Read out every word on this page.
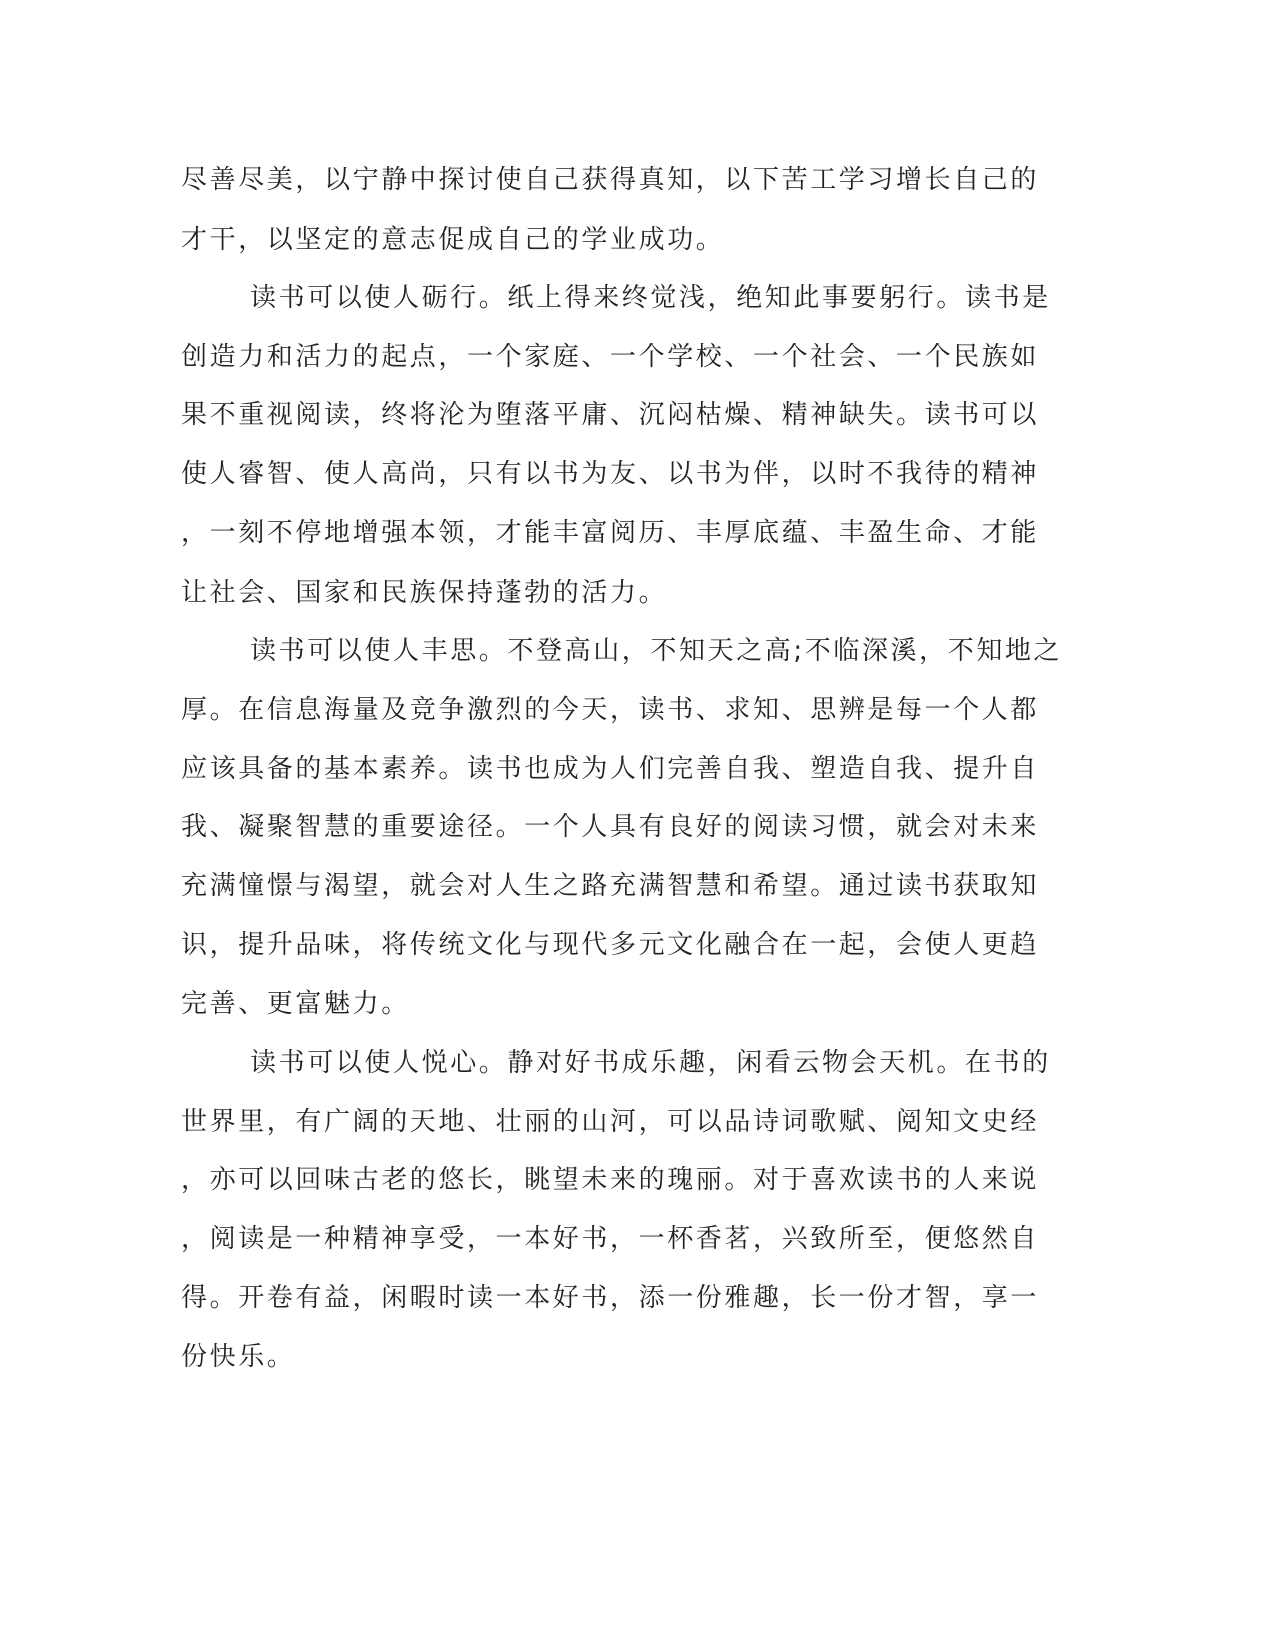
尽善尽美，以宁静中探讨使自己获得真知，以下苦工学习增长自己的
才干，以坚定的意志促成自己的学业成功。
读书可以使人砺行。纸上得来终觉浅，绝知此事要躬行。读书是
创造力和活力的起点，一个家庭、一个学校、一个社会、一个民族如
果不重视阅读，终将沦为堕落平庸、沉闷枯燥、精神缺失。读书可以
使人睿智、使人高尚，只有以书为友、以书为伴，以时不我待的精神
，一刻不停地增强本领，才能丰富阅历、丰厚底蕴、丰盈生命、才能
让社会、国家和民族保持蓬勃的活力。
读书可以使人丰思。不登高山，不知天之高;不临深溪，不知地之
厚。在信息海量及竞争激烈的今天，读书、求知、思辨是每一个人都
应该具备的基本素养。读书也成为人们完善自我、塑造自我、提升自
我、凝聚智慧的重要途径。一个人具有良好的阅读习惯，就会对未来
充满憧憬与渴望，就会对人生之路充满智慧和希望。通过读书获取知
识，提升品味，将传统文化与现代多元文化融合在一起，会使人更趋
完善、更富魅力。
读书可以使人悦心。静对好书成乐趣，闲看云物会天机。在书的
世界里，有广阔的天地、壮丽的山河，可以品诗词歌赋、阅知文史经
，亦可以回味古老的悠长，眺望未来的瑰丽。对于喜欢读书的人来说
，阅读是一种精神享受，一本好书，一杯香茗，兴致所至，便悠然自
得。开卷有益，闲暇时读一本好书，添一份雅趣，长一份才智，享一
份快乐。
